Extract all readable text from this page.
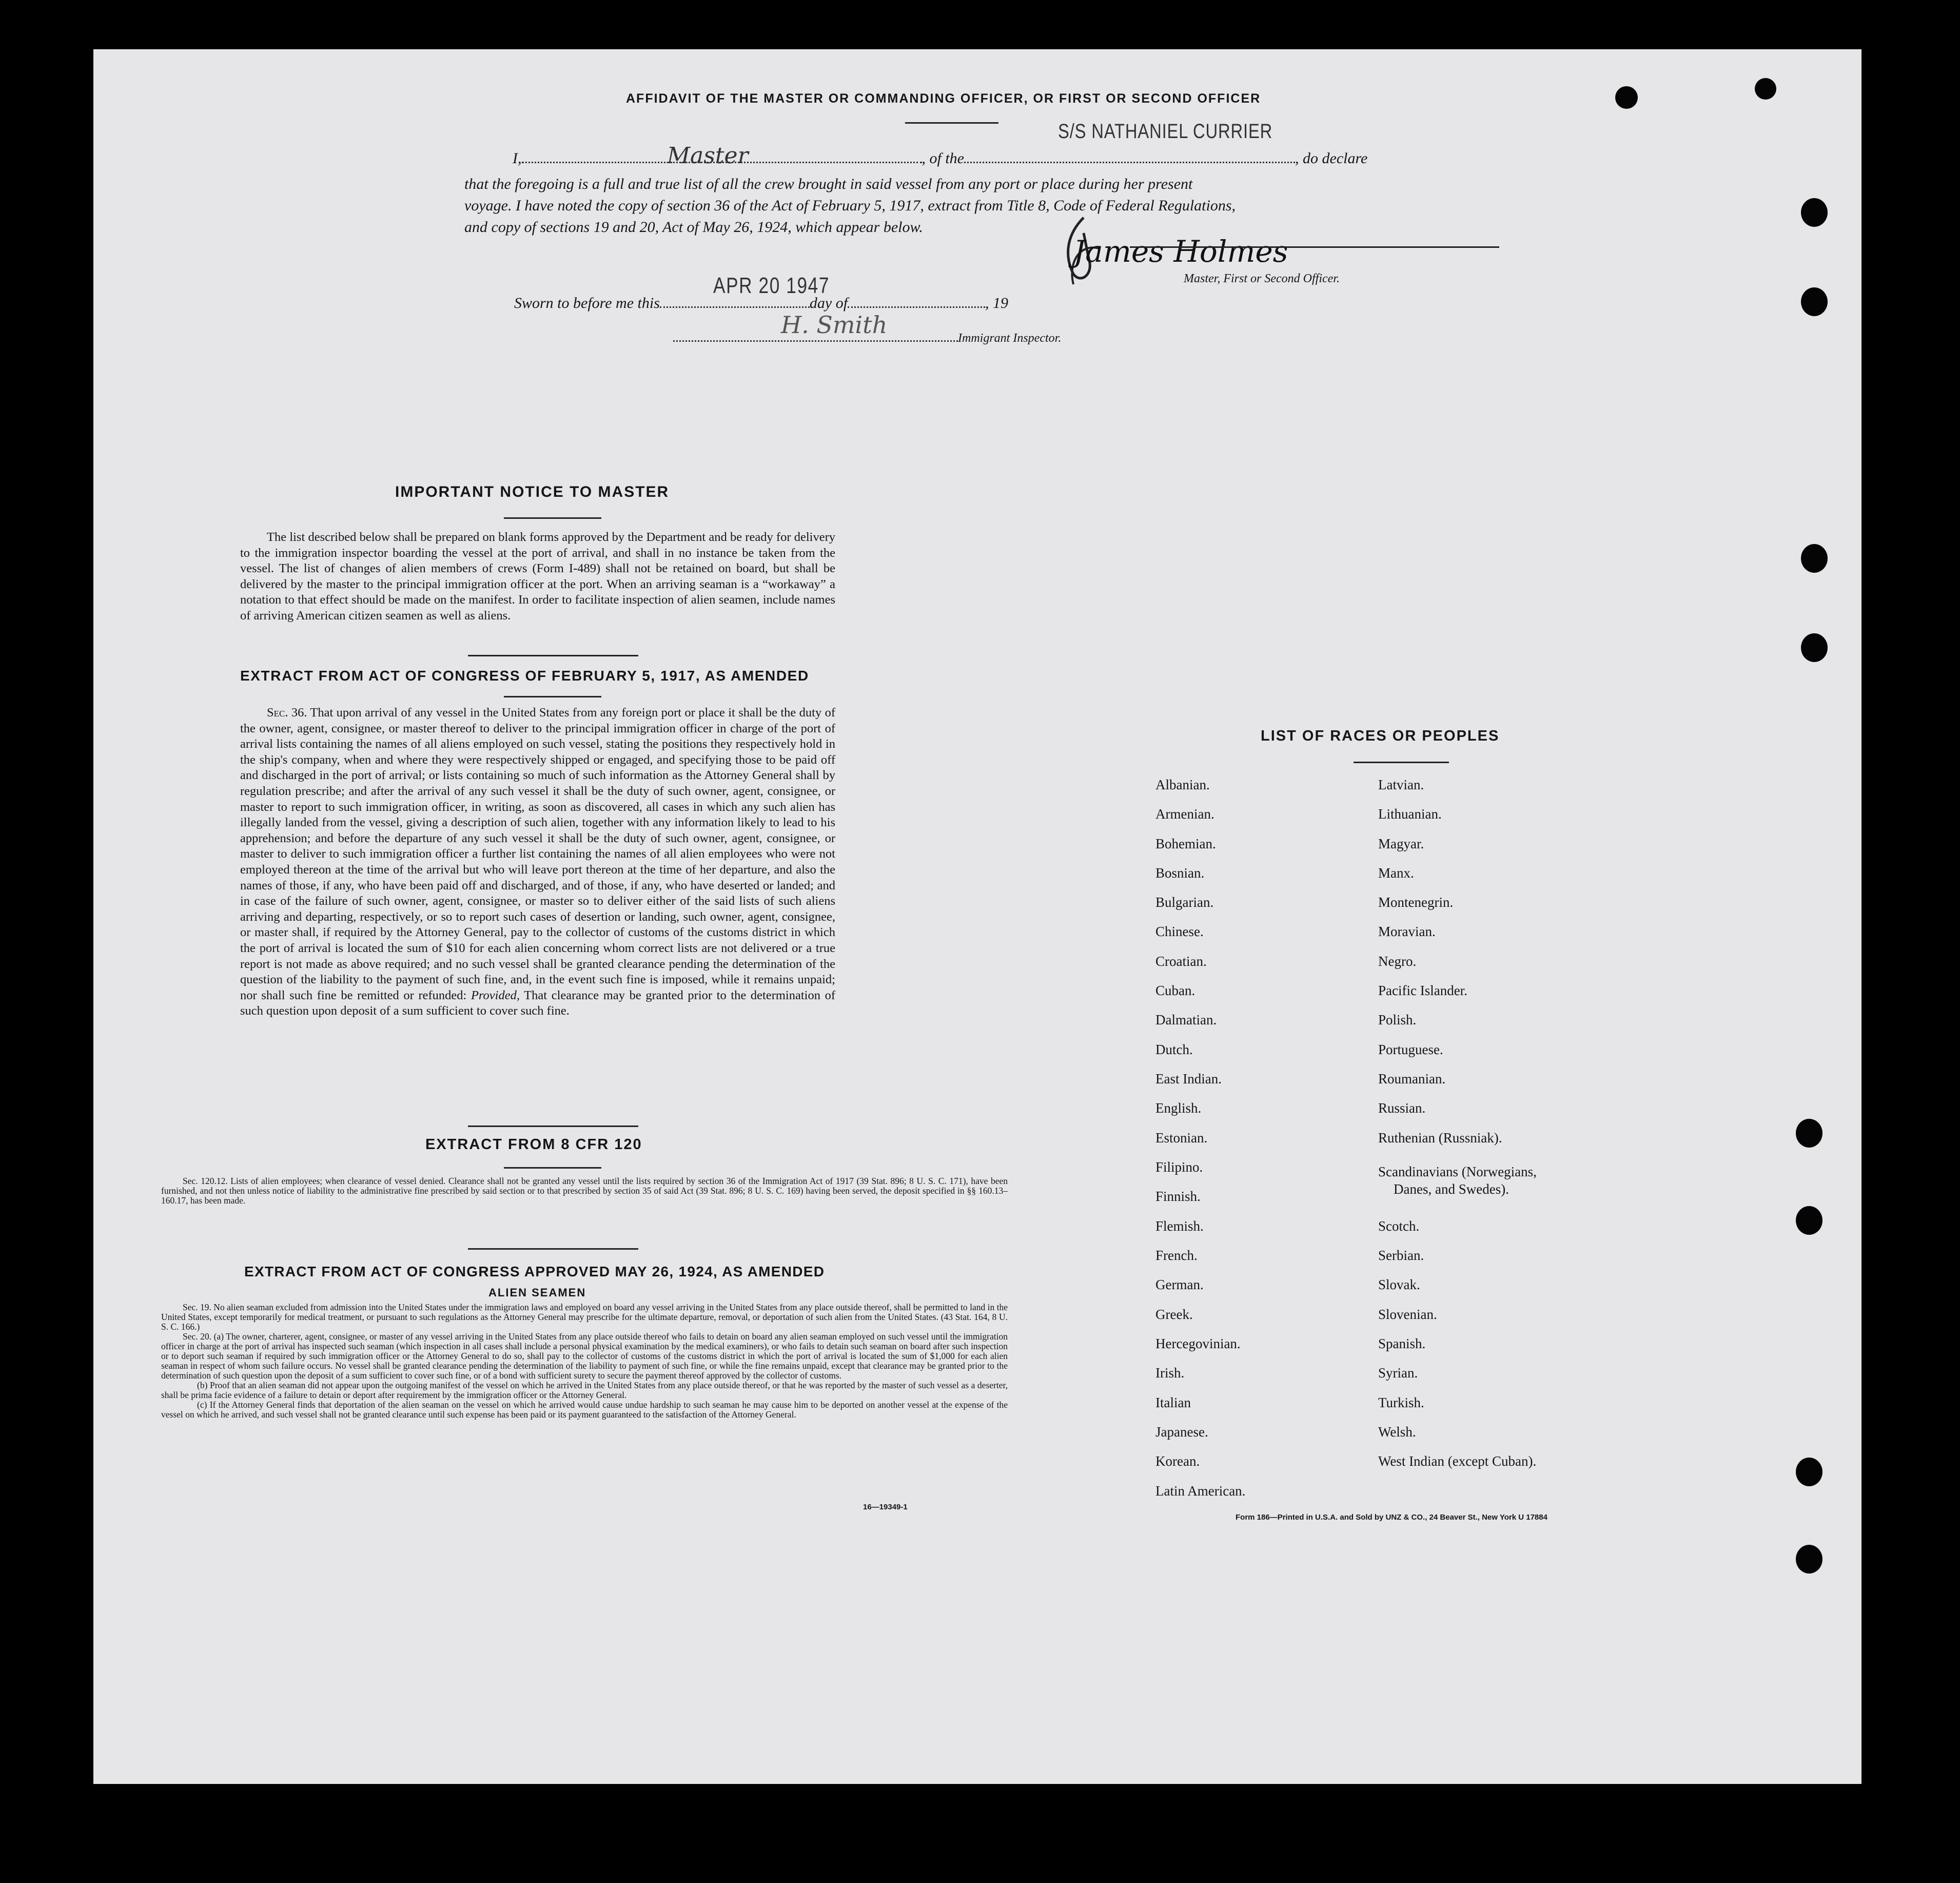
AFFIDAVIT OF THE MASTER OR COMMANDING OFFICER, OR FIRST OR SECOND OFFICER
S/S NATHANIEL CURRIER
I,	, of the	, do declare
Master
that the foregoing is a full and true list of all the crew brought in said vessel from any port or place during her present
voyage. I have noted the copy of section 36 of the Act of February 5, 1917, extract from Title 8, Code of Federal Regulations,
and copy of sections 19 and 20, Act of May 26, 1924, which appear below.
James Holmes
Master, First or Second Officer.
Sworn to before me this	day of	, 19
APR 20 1947
H. Smith	Immigrant Inspector.
IMPORTANT NOTICE TO MASTER
The list described below shall be prepared on blank forms approved by the Department and be ready for delivery to the immigration inspector boarding the vessel at the port of arrival, and shall in no instance be taken from the vessel. The list of changes of alien members of crews (Form I-489) shall not be retained on board, but shall be delivered by the master to the principal immigration officer at the port. When an arriving seaman is a “workaway” a notation to that effect should be made on the manifest. In order to facilitate inspection of alien seamen, include names of arriving American citizen seamen as well as aliens.
EXTRACT FROM ACT OF CONGRESS OF FEBRUARY 5, 1917, AS AMENDED
Sec. 36. That upon arrival of any vessel in the United States from any foreign port or place it shall be the duty of the owner, agent, consignee, or master thereof to deliver to the principal immigration officer in charge of the port of arrival lists containing the names of all aliens employed on such vessel, stating the positions they respectively hold in the ship's company, when and where they were respectively shipped or engaged, and specifying those to be paid off and discharged in the port of arrival; or lists containing so much of such information as the Attorney General shall by regulation prescribe; and after the arrival of any such vessel it shall be the duty of such owner, agent, consignee, or master to report to such immigration officer, in writing, as soon as discovered, all cases in which any such alien has illegally landed from the vessel, giving a description of such alien, together with any information likely to lead to his apprehension; and before the departure of any such vessel it shall be the duty of such owner, agent, consignee, or master to deliver to such immigration officer a further list containing the names of all alien employees who were not employed thereon at the time of the arrival but who will leave port thereon at the time of her departure, and also the names of those, if any, who have been paid off and discharged, and of those, if any, who have deserted or landed; and in case of the failure of such owner, agent, consignee, or master so to deliver either of the said lists of such aliens arriving and departing, respectively, or so to report such cases of desertion or landing, such owner, agent, consignee, or master shall, if required by the Attorney General, pay to the collector of customs of the customs district in which the port of arrival is located the sum of $10 for each alien concerning whom correct lists are not delivered or a true report is not made as above required; and no such vessel shall be granted clearance pending the determination of the question of the liability to the payment of such fine, and, in the event such fine is imposed, while it remains unpaid; nor shall such fine be remitted or refunded: Provided, That clearance may be granted prior to the determination of such question upon deposit of a sum sufficient to cover such fine.
EXTRACT FROM 8 CFR 120
Sec. 120.12. Lists of alien employees; when clearance of vessel denied. Clearance shall not be granted any vessel until the lists required by section 36 of the Immigration Act of 1917 (39 Stat. 896; 8 U. S. C. 171), have been furnished, and not then unless notice of liability to the administrative fine prescribed by said section or to that prescribed by section 35 of said Act (39 Stat. 896; 8 U. S. C. 169) having been served, the deposit specified in §§ 160.13–160.17, has been made.
EXTRACT FROM ACT OF CONGRESS APPROVED MAY 26, 1924, AS AMENDED
ALIEN SEAMEN
Sec. 19. No alien seaman excluded from admission into the United States under the immigration laws and employed on board any vessel arriving in the United States from any place outside thereof, shall be permitted to land in the United States, except temporarily for medical treatment, or pursuant to such regulations as the Attorney General may prescribe for the ultimate departure, removal, or deportation of such alien from the United States. (43 Stat. 164, 8 U. S. C. 166.)
Sec. 20. (a) The owner, charterer, agent, consignee, or master of any vessel arriving in the United States from any place outside thereof who fails to detain on board any alien seaman employed on such vessel until the immigration officer in charge at the port of arrival has inspected such seaman (which inspection in all cases shall include a personal physical examination by the medical examiners), or who fails to detain such seaman on board after such inspection or to deport such seaman if required by such immigration officer or the Attorney General to do so, shall pay to the collector of customs of the customs district in which the port of arrival is located the sum of $1,000 for each alien seaman in respect of whom such failure occurs. No vessel shall be granted clearance pending the determination of the liability to payment of such fine, or while the fine remains unpaid, except that clearance may be granted prior to the determination of such question upon the deposit of a sum sufficient to cover such fine, or of a bond with sufficient surety to secure the payment thereof approved by the collector of customs.
(b) Proof that an alien seaman did not appear upon the outgoing manifest of the vessel on which he arrived in the United States from any place outside thereof, or that he was reported by the master of such vessel as a deserter, shall be prima facie evidence of a failure to detain or deport after requirement by the immigration officer or the Attorney General.
(c) If the Attorney General finds that deportation of the alien seaman on the vessel on which he arrived would cause undue hardship to such seaman he may cause him to be deported on another vessel at the expense of the vessel on which he arrived, and such vessel shall not be granted clearance until such expense has been paid or its payment guaranteed to the satisfaction of the Attorney General.
16—19349-1
LIST OF RACES OR PEOPLES
Albanian.
Armenian.
Bohemian.
Bosnian.
Bulgarian.
Chinese.
Croatian.
Cuban.
Dalmatian.
Dutch.
East Indian.
English.
Estonian.
Filipino.
Finnish.
Flemish.
French.
German.
Greek.
Hercegovinian.
Irish.
Italian
Japanese.
Korean.
Latin American.
Latvian.
Lithuanian.
Magyar.
Manx.
Montenegrin.
Moravian.
Negro.
Pacific Islander.
Polish.
Portuguese.
Roumanian.
Russian.
Ruthenian (Russniak).
Scandinavians (Norwegians,
Danes, and Swedes).
Scotch.
Serbian.
Slovak.
Slovenian.
Spanish.
Syrian.
Turkish.
Welsh.
West Indian (except Cuban).
Form 186—Printed in U.S.A. and Sold by UNZ & CO., 24 Beaver St., New York U 17884
